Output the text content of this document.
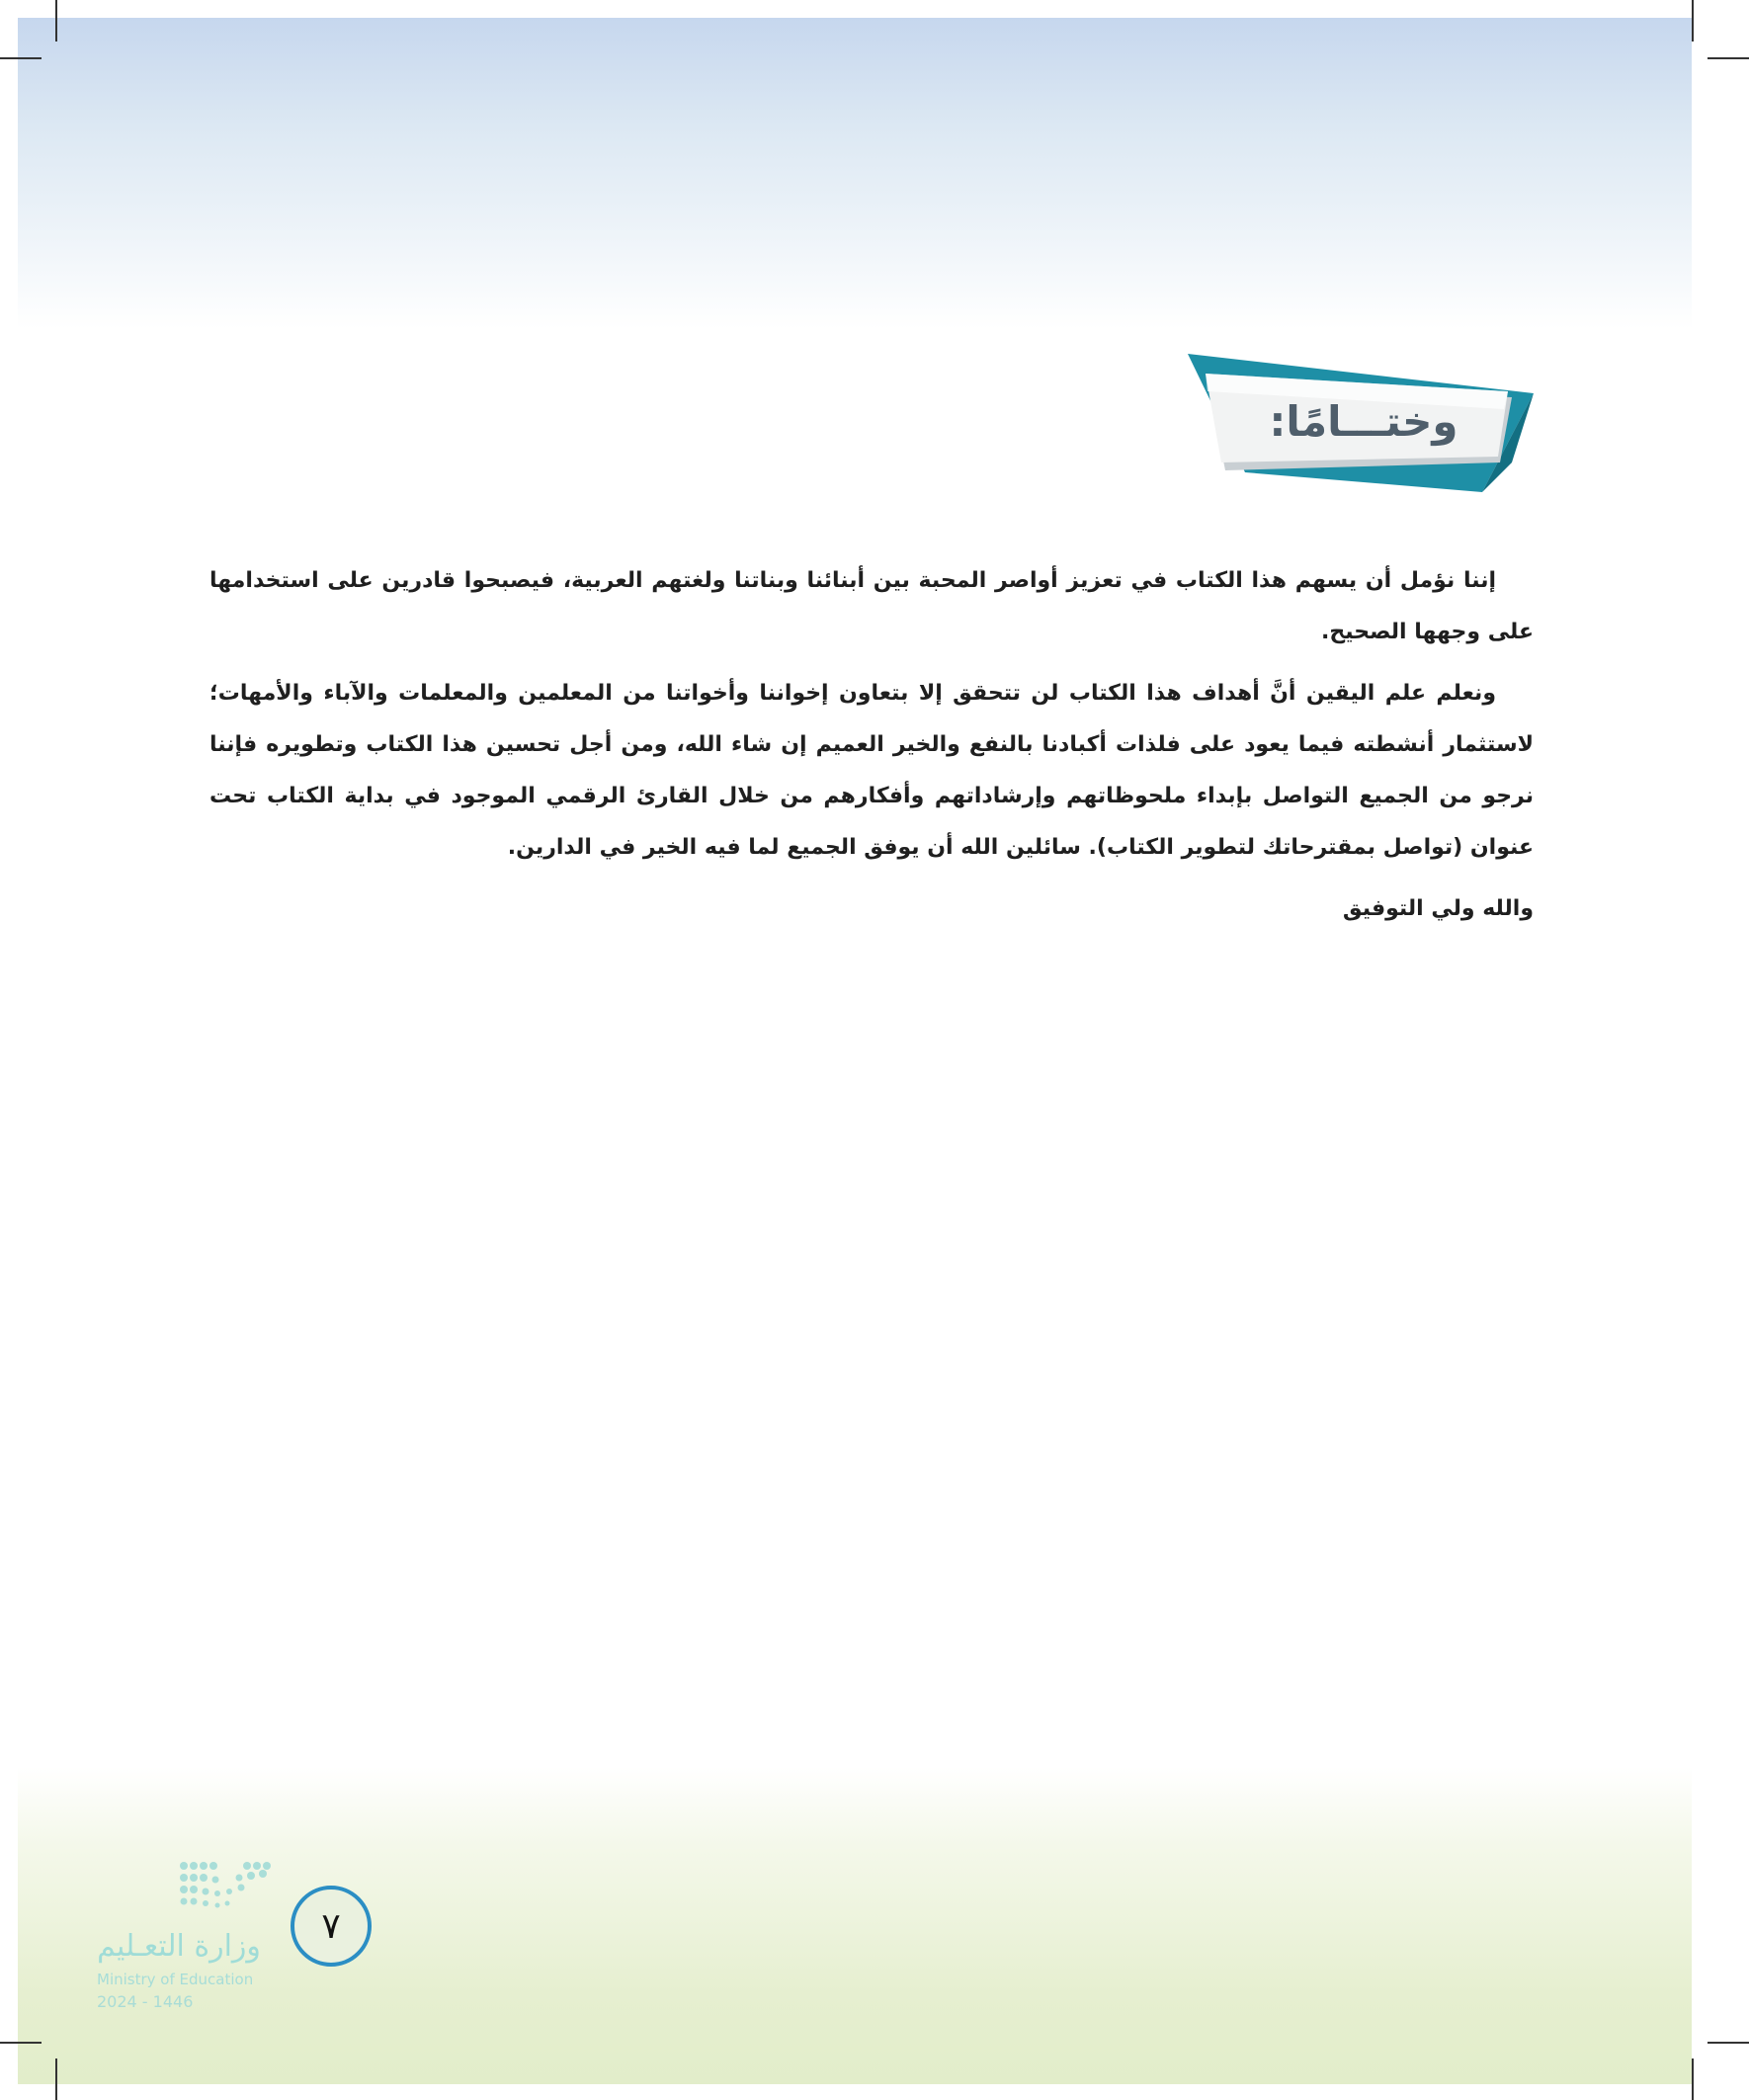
وختـــامًا:

إننا نؤمل أن يسهم هذا الكتاب في تعزيز أواصر المحبة بين أبنائنا وبناتنا ولغتهم العربية، فيصبحوا قادرين على استخدامها على وجهها الصحيح.

ونعلم علم اليقين أنَّ أهداف هذا الكتاب لن تتحقق إلا بتعاون إخواننا وأخواتنا من المعلمين والمعلمات والآباء والأمهات؛ لاستثمار أنشطته فيما يعود على فلذات أكبادنا بالنفع والخير العميم إن شاء الله، ومن أجل تحسين هذا الكتاب وتطويره فإننا نرجو من الجميع التواصل بإبداء ملحوظاتهم وإرشاداتهم وأفكارهم من خلال القارئ الرقمي الموجود في بداية الكتاب تحت عنوان (تواصل بمقترحاتك لتطوير الكتاب). سائلين الله أن يوفق الجميع لما فيه الخير في الدارين.

والله ولي التوفيق

وزارة التعـليم
Ministry of Education
2024 - 1446
٧
